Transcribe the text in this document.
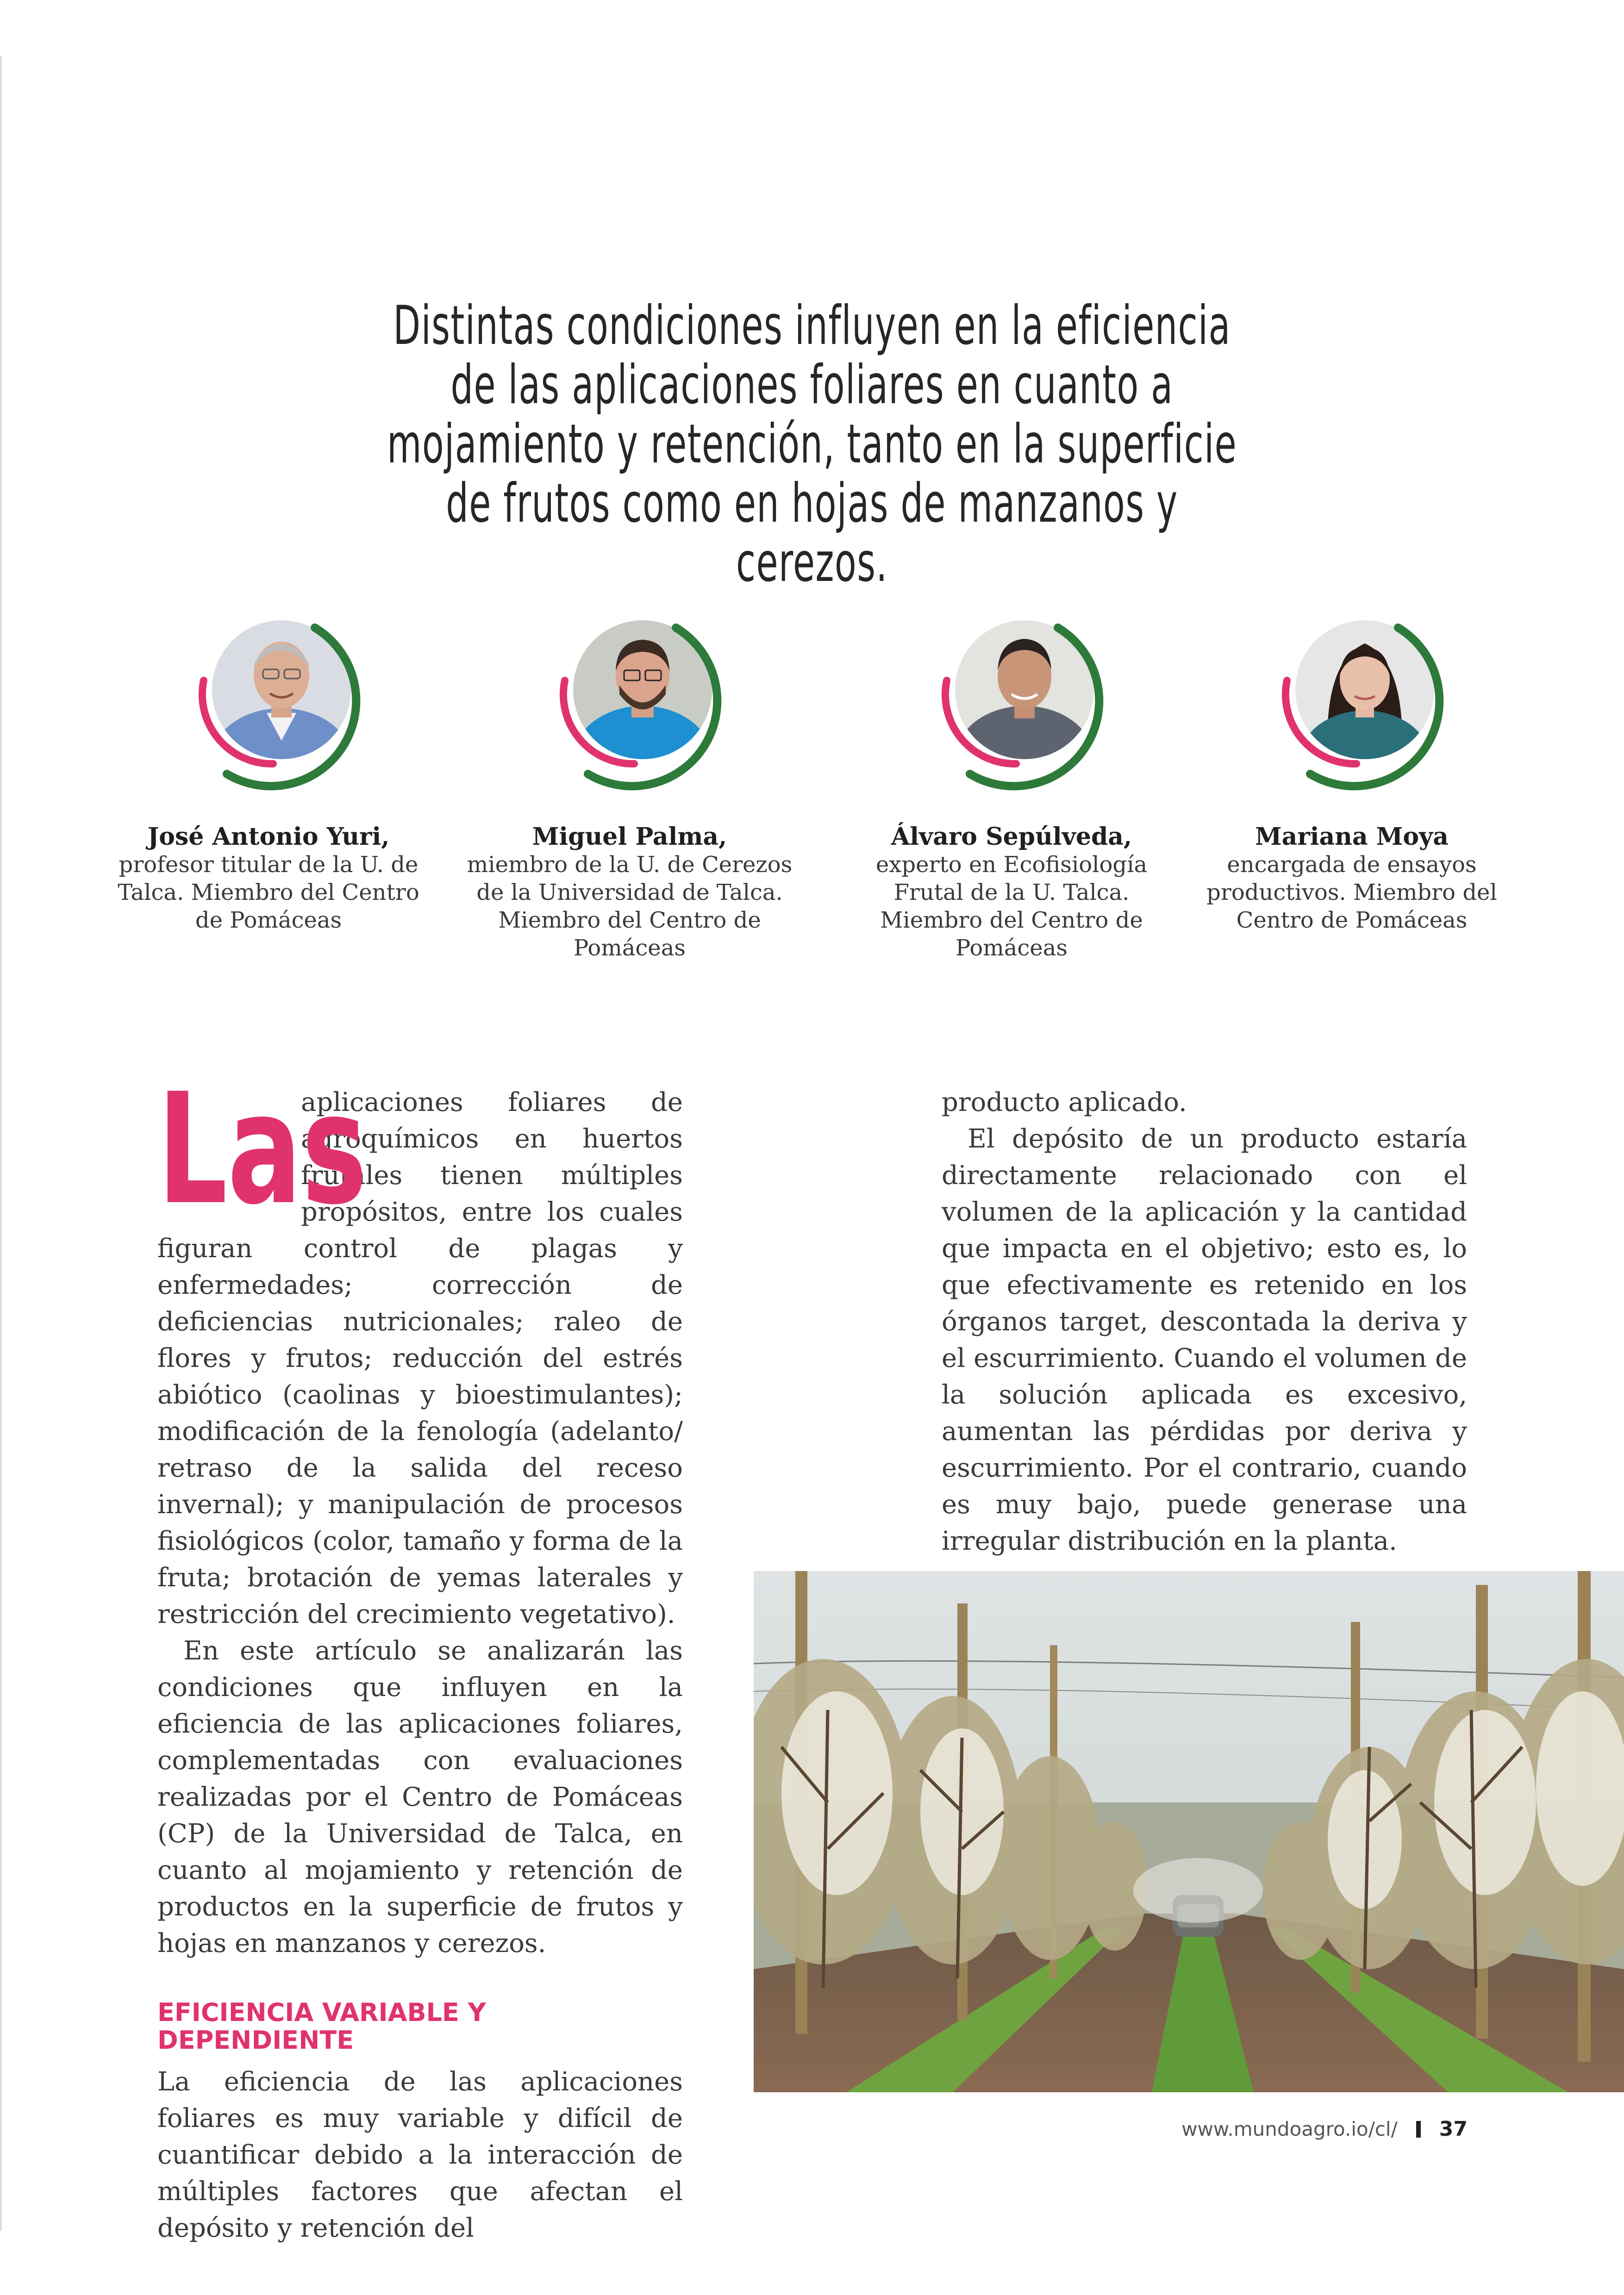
Distintas condiciones influyen en la eficiencia de las aplicaciones foliares en cuanto a mojamiento y retención, tanto en la superficie de frutos como en hojas de manzanos y cerezos.
José Antonio Yuri,
profesor titular de la U. de Talca. Miembro del Centro de Pomáceas
Miguel Palma,
miembro de la U. de Cerezos de la Universidad de Talca. Miembro del Centro de Pomáceas
Álvaro Sepúlveda,
experto en Ecofisiología Frutal de la U. Talca. Miembro del Centro de Pomáceas
Mariana Moya
encargada de ensayos productivos. Miembro del Centro de Pomáceas
Las

aplicaciones foliares de agroquímicos en huertos frutales tienen múltiples propósitos, entre los cuales figuran control de plagas y enfermedades; corrección de deficiencias nutricionales; raleo de flores y frutos; reducción del estrés abiótico (caolinas y bioestimulantes); modificación de la fenología (adelanto/ retraso de la salida del receso invernal); y manipulación de procesos fisiológicos (color, tamaño y forma de la fruta; brotación de yemas laterales y restricción del crecimiento vegetativo).

En este artículo se analizarán las condiciones que influyen en la eficiencia de las aplicaciones foliares, complementadas con evaluaciones realizadas por el Centro de Pomáceas (CP) de la Universidad de Talca, en cuanto al mojamiento y retención de productos en la superficie de frutos y hojas en manzanos y cerezos.

EFICIENCIA VARIABLE Y DEPENDIENTE

La eficiencia de las aplicaciones foliares es muy variable y difícil de cuantificar debido a la interacción de múltiples factores que afectan el depósito y retención del

producto aplicado.

El depósito de un producto estaría directamente relacionado con el volumen de la aplicación y la cantidad que impacta en el objetivo; esto es, lo que efectivamente es retenido en los órganos target, descontada la deriva y el escurrimiento. Cuando el volumen de la solución aplicada es excesivo, aumentan las pérdidas por deriva y escurrimiento. Por el contrario, cuando es muy bajo, puede generase una irregular distribución en la planta.

www.mundoagro.io/cl/ 37
